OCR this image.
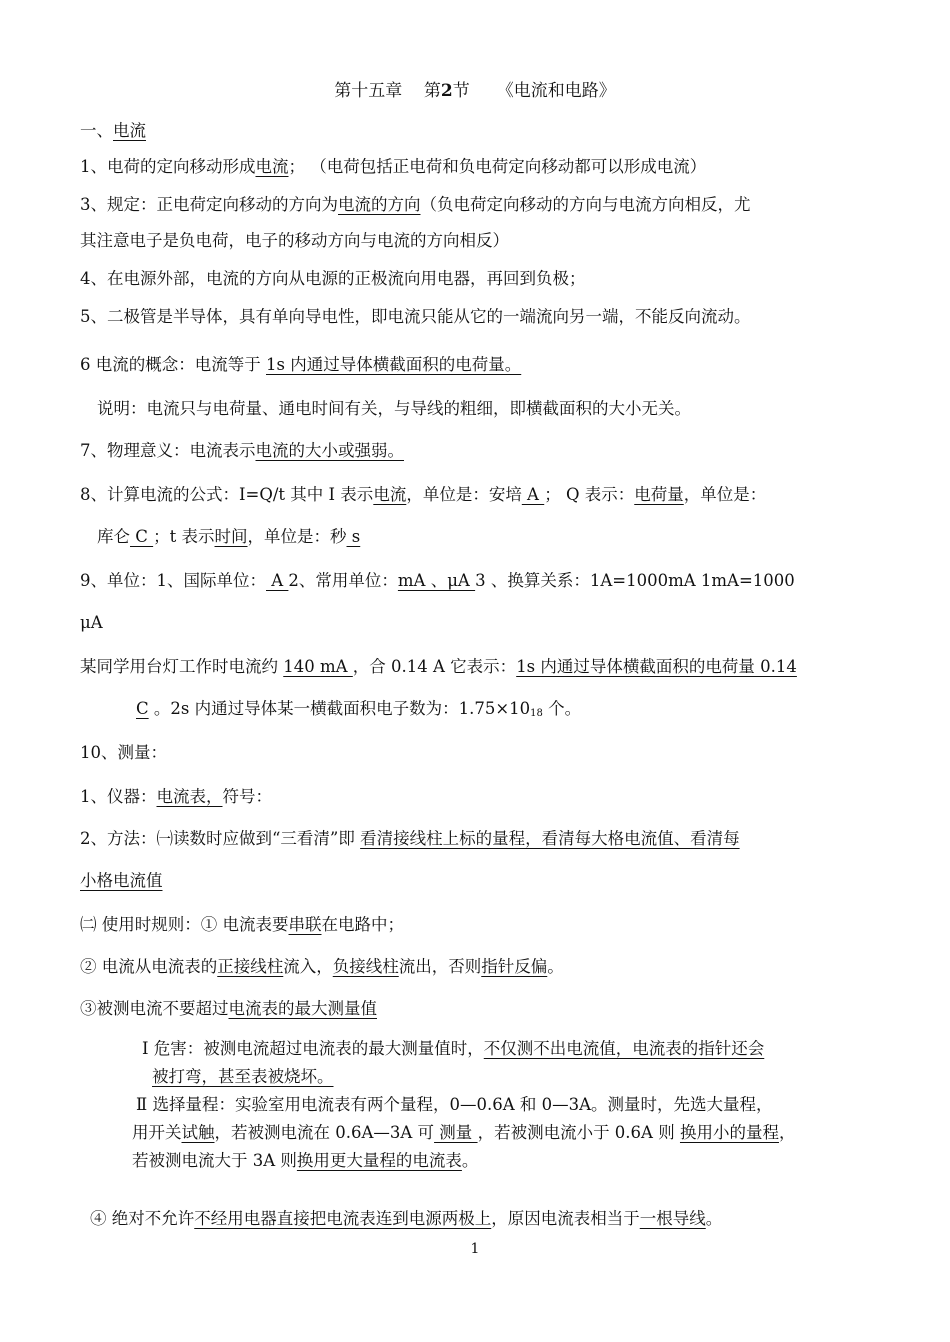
第十五章 第2节 《电流和电路》
一、电流
1、电荷的定向移动形成电流； （电荷包括正电荷和负电荷定向移动都可以形成电流）
3、规定：正电荷定向移动的方向为电流的方向（负电荷定向移动的方向与电流方向相反，尤
其注意电子是负电荷，电子的移动方向与电流的方向相反）
4、在电源外部，电流的方向从电源的正极流向用电器，再回到负极；
5、二极管是半导体，具有单向导电性，即电流只能从它的一端流向另一端，不能反向流动。
6 电流的概念：电流等于 1s 内通过导体横截面积的电荷量。
说明：电流只与电荷量、通电时间有关，与导线的粗细，即横截面积的大小无关。
7、物理意义：电流表示电流的大小或强弱。
8、计算电流的公式：I=Q/t 其中 I 表示电流，单位是：安培 A ； Q 表示：电荷量，单位是：
库仑 C ；t 表示时间，单位是：秒 s
9、单位：1、国际单位： A 2、常用单位：mA 、μA 3 、换算关系：1A=1000mA 1mA=1000
μA
某同学用台灯工作时电流约 140 mA ，合 0.14 A 它表示：1s 内通过导体横截面积的电荷量 0.14
C 。2s 内通过导体某一横截面积电子数为：1.75×1018 个。
10、测量：
1、仪器：电流表，符号：
2、方法：㈠读数时应做到“三看清”即 看清接线柱上标的量程，看清每大格电流值、看清每
小格电流值
㈡ 使用时规则：① 电流表要串联在电路中；
② 电流从电流表的正接线柱流入，负接线柱流出，否则指针反偏。
③被测电流不要超过电流表的最大测量值
Ⅰ 危害：被测电流超过电流表的最大测量值时，不仅测不出电流值，电流表的指针还会
被打弯，甚至表被烧坏。
Ⅱ 选择量程：实验室用电流表有两个量程，0—0.6A 和 0—3A。测量时，先选大量程，
用开关试触，若被测电流在 0.6A—3A 可 测量 ，若被测电流小于 0.6A 则 换用小的量程，
若被测电流大于 3A 则换用更大量程的电流表。
④ 绝对不允许不经用电器直接把电流表连到电源两极上，原因电流表相当于一根导线。
1
